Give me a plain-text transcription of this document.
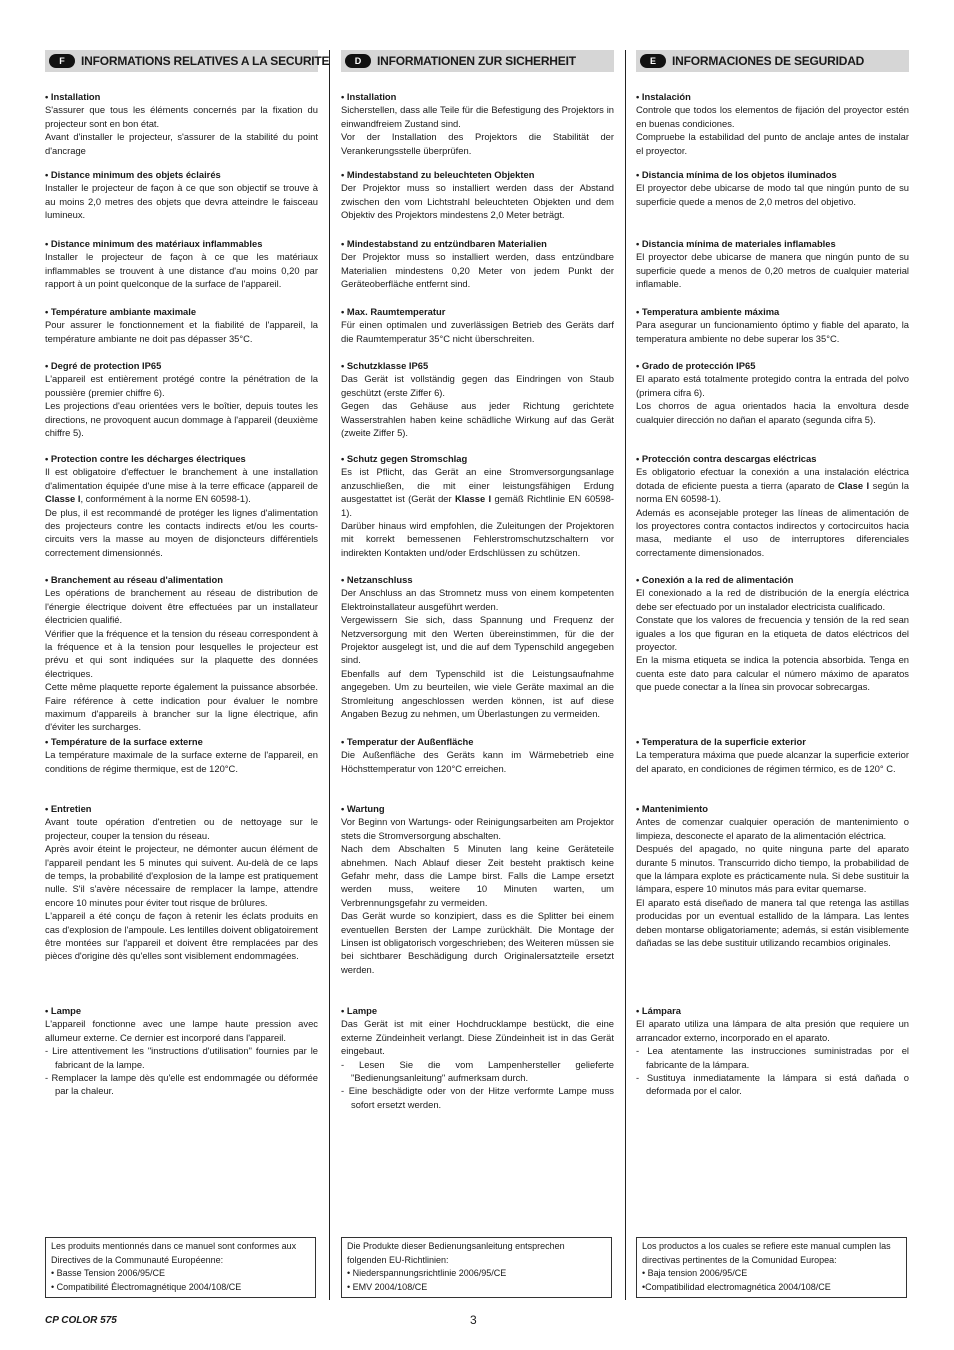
F	INFORMATIONS RELATIVES A LA SECURITE
• Installation

S'assurer que tous les éléments concernés par la fixation du projecteur sont en bon état.

Avant d'installer le projecteur, s'assurer de la stabilité du point d'ancrage

• Distance minimum des objets éclairés

Installer le projecteur de façon à ce que son objectif se trouve à au moins 2,0 metres des objets que devra atteindre le faisceau lumineux.

• Distance minimum des matériaux inflammables

Installer le projecteur de façon à ce que les matériaux inflammables se trouvent à une distance d'au moins 0,20 par rapport à un point quelconque de la surface de l'appareil.

• Température ambiante maximale

Pour assurer le fonctionnement et la fiabilité de l'appareil, la température ambiante ne doit pas dépasser 35°C.

• Degré de protection IP65

L'appareil est entièrement protégé contre la pénétration de la poussière (premier chiffre 6).

Les projections d'eau orientées vers le boîtier, depuis toutes les directions, ne provoquent aucun dommage à l'appareil (deuxième chiffre 5).

• Protection contre les décharges électriques

Il est obligatoire d'effectuer le branchement à une installation d'alimentation équipée d'une mise à la terre efficace (appareil de Classe I, conformément à la norme EN 60598-1).

De plus, il est recommandé de protéger les lignes d'alimentation des projecteurs contre les contacts indirects et/ou les courts-circuits vers la masse au moyen de disjoncteurs différentiels correctement dimensionnés.

• Branchement au réseau d'alimentation

Les opérations de branchement au réseau de distribution de l'énergie électrique doivent être effectuées par un installateur électricien qualifié.

Vérifier que la fréquence et la tension du réseau correspondent à la fréquence et à la tension pour lesquelles le projecteur est prévu et qui sont indiquées sur la plaquette des données électriques.

Cette même plaquette reporte également la puissance absorbée. Faire référence à cette indication pour évaluer le nombre maximum d'appareils à brancher sur la ligne électrique, afin d'éviter les surcharges.

• Température de la surface externe

La température maximale de la surface externe de l'appareil, en conditions de régime thermique, est de 120°C.

• Entretien

Avant toute opération d'entretien ou de nettoyage sur le projecteur, couper la tension du réseau.

Après avoir éteint le projecteur, ne démonter aucun élément de l'appareil pendant les 5 minutes qui suivent. Au-delà de ce laps de temps, la probabilité d'explosion de la lampe est pratiquement nulle. S'il s'avère nécessaire de remplacer la lampe, attendre encore 10 minutes pour éviter tout risque de brûlures.

L'appareil a été conçu de façon à retenir les éclats produits en cas d'explosion de l'ampoule. Les lentilles doivent obligatoirement être montées sur l'appareil et doivent être remplacées par des pièces d'origine dès qu'elles sont visiblement endommagées.

• Lampe

L'appareil fonctionne avec une lampe haute pression avec allumeur externe. Ce dernier est incorporé dans l'appareil.

- Lire attentivement les "instructions d'utilisation" fournies par le fabricant de la lampe.
- Remplacer la lampe dès qu'elle est endommagée ou déformée par la chaleur.
D	INFORMATIONEN ZUR SICHERHEIT
• Installation

Sicherstellen, dass alle Teile für die Befestigung des Projektors in einwandfreiem Zustand sind.

Vor der Installation des Projektors die Stabilität der Verankerungsstelle überprüfen.

• Mindestabstand zu beleuchteten Objekten

Der Projektor muss so installiert werden dass der Abstand zwischen den vom Lichtstrahl beleuchteten Objekten und dem Objektiv des Projektors mindestens 2,0 Meter beträgt.

• Mindestabstand zu entzündbaren Materialien

Der Projektor muss so installiert werden, dass entzündbare Materialien mindestens 0,20 Meter von jedem Punkt der Geräteoberfläche entfernt sind.

• Max. Raumtemperatur

Für einen optimalen und zuverlässigen Betrieb des Geräts darf die Raumtemperatur 35°C nicht überschreiten.

• Schutzklasse IP65

Das Gerät ist vollständig gegen das Eindringen von Staub geschützt (erste Ziffer 6).

Gegen das Gehäuse aus jeder Richtung gerichtete Wasserstrahlen haben keine schädliche Wirkung auf das Gerät (zweite Ziffer 5).

• Schutz gegen Stromschlag

Es ist Pflicht, das Gerät an eine Stromversorgungsanlage anzuschließen, die mit einer leistungsfähigen Erdung ausgestattet ist (Gerät der Klasse I gemäß Richtlinie EN 60598-1).

Darüber hinaus wird empfohlen, die Zuleitungen der Projektoren mit korrekt bemessenen Fehlerstromschutzschaltern vor indirekten Kontakten und/oder Erdschlüssen zu schützen.

• Netzanschluss

Der Anschluss an das Stromnetz muss von einem kompetenten Elektroinstallateur ausgeführt werden.

Vergewissern Sie sich, dass Spannung und Frequenz der Netzversorgung mit den Werten übereinstimmen, für die der Projektor ausgelegt ist, und die auf dem Typenschild angegeben sind.

Ebenfalls auf dem Typenschild ist die Leistungsaufnahme angegeben. Um zu beurteilen, wie viele Geräte maximal an die Stromleitung angeschlossen werden können, ist auf diese Angaben Bezug zu nehmen, um Überlastungen zu vermeiden.

• Temperatur der Außenfläche

Die Außenfläche des Geräts kann im Wärmebetrieb eine Höchsttemperatur von 120°C erreichen.

• Wartung

Vor Beginn von Wartungs- oder Reinigungsarbeiten am Projektor stets die Stromversorgung abschalten.

Nach dem Abschalten 5 Minuten lang keine Geräteteile abnehmen. Nach Ablauf dieser Zeit besteht praktisch keine Gefahr mehr, dass die Lampe birst. Falls die Lampe ersetzt werden muss, weitere 10 Minuten warten, um Verbrennungsgefahr zu vermeiden.

Das Gerät wurde so konzipiert, dass es die Splitter bei einem eventuellen Bersten der Lampe zurückhält. Die Montage der Linsen ist obligatorisch vorgeschrieben; des Weiteren müssen sie bei sichtbarer Beschädigung durch Originalersatzteile ersetzt werden.

• Lampe

Das Gerät ist mit einer Hochdrucklampe bestückt, die eine externe Zündeinheit verlangt. Diese Zündeinheit ist in das Gerät eingebaut.

- Lesen Sie die vom Lampenhersteller gelieferte "Bedienungsanleitung" aufmerksam durch.
- Eine beschädigte oder von der Hitze verformte Lampe muss sofort ersetzt werden.
E	INFORMACIONES DE SEGURIDAD
• Instalación

Controle que todos los elementos de fijación del proyector estén en buenas condiciones.

Compruebe la estabilidad del punto de anclaje antes de instalar el proyector.

• Distancia mínima de los objetos iluminados

El proyector debe ubicarse de modo tal que ningún punto de su superficie quede a menos de 2,0 metros del objetivo.

• Distancia mínima de materiales inflamables

El proyector debe ubicarse de manera que ningún punto de su superficie quede a menos de 0,20 metros de cualquier material inflamable.

• Temperatura ambiente máxima

Para asegurar un funcionamiento óptimo y fiable del aparato, la temperatura ambiente no debe superar los 35°C.

• Grado de protección IP65

El aparato está totalmente protegido contra la entrada del polvo (primera cifra 6).

Los chorros de agua orientados hacia la envoltura desde cualquier dirección no dañan el aparato (segunda cifra 5).

• Protección contra descargas eléctricas

Es obligatorio efectuar la conexión a una instalación eléctrica dotada de eficiente puesta a tierra (aparato de Clase I según la norma EN 60598-1).

Además es aconsejable proteger las líneas de alimentación de los proyectores contra contactos indirectos y cortocircuitos hacia masa, mediante el uso de interruptores diferenciales correctamente dimensionados.

• Conexión a la red de alimentación

El conexionado a la red de distribución de la energía eléctrica debe ser efectuado por un instalador electricista cualificado.

Constate que los valores de frecuencia y tensión de la red sean iguales a los que figuran en la etiqueta de datos eléctricos del proyector.

En la misma etiqueta se indica la potencia absorbida. Tenga en cuenta este dato para calcular el número máximo de aparatos que puede conectar a la línea sin provocar sobrecargas.

• Temperatura de la superficie exterior

La temperatura máxima que puede alcanzar la superficie exterior del aparato, en condiciones de régimen térmico, es de 120° C.

• Mantenimiento

Antes de comenzar cualquier operación de mantenimiento o limpieza, desconecte el aparato de la alimentación eléctrica.

Después del apagado, no quite ninguna parte del aparato durante 5 minutos. Transcurrido dicho tiempo, la probabilidad de que la lámpara explote es prácticamente nula. Si debe sustituir la lámpara, espere 10 minutos más para evitar quemarse.

El aparato está diseñado de manera tal que retenga las astillas producidas por un eventual estallido de la lámpara. Las lentes deben montarse obligatoriamente; además, si están visiblemente dañadas se las debe sustituir utilizando recambios originales.

• Lámpara

El aparato utiliza una lámpara de alta presión que requiere un arrancador externo, incorporado en el aparato.

- Lea atentamente las instrucciones suministradas por el fabricante de la lámpara.
- Sustituya inmediatamente la lámpara si está dañada o deformada por el calor.
Les produits mentionnés dans ce manuel sont conformes aux Directives de la Communauté Européenne:
• Basse Tension 2006/95/CE
• Compatibilité Électromagnétique 2004/108/CE
Die Produkte dieser Bedienungsanleitung entsprechen folgenden EU-Richtlinien:
• Niederspannungsrichtlinie 2006/95/CE
• EMV 2004/108/CE
Los productos a los cuales se refiere este manual cumplen las directivas pertinentes de la Comunidad Europea:
• Baja tension 2006/95/CE
•Compatibilidad electromagnética 2004/108/CE
CP COLOR 575	3
